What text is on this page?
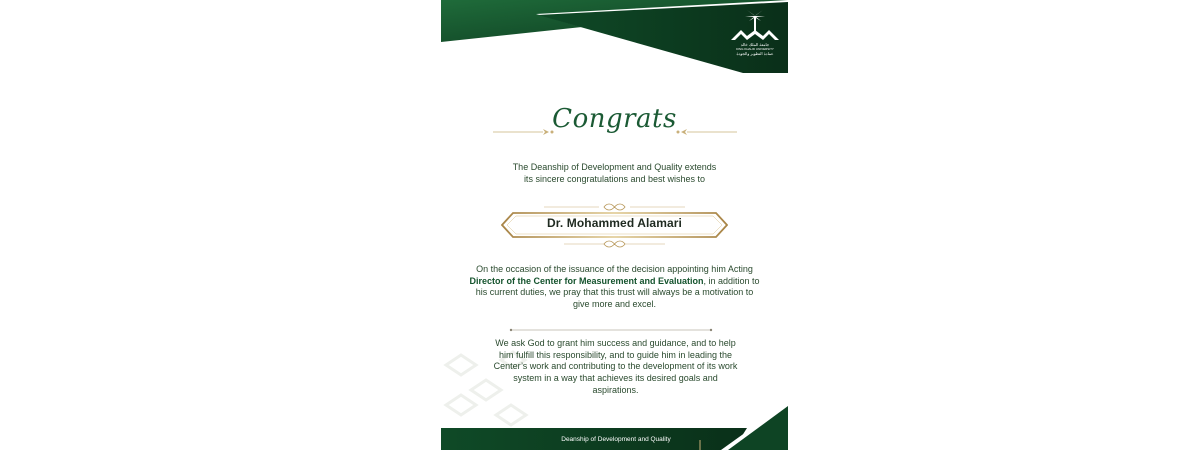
جامعة الملك خالد
KING KHALID UNIVERSITY
عمادة التطوير والجودة
Congrats
The Deanship of Development and Quality extends its sincere congratulations and best wishes to
Dr. Mohammed Alamari
On the occasion of the issuance of the decision appointing him Acting Director of the Center for Measurement and Evaluation, in addition to his current duties, we pray that this trust will always be a motivation to give more and excel.
We ask God to grant him success and guidance, and to help him fulfill this responsibility, and to guide him in leading the Center’s work and contributing to the development of its work system in a way that achieves its desired goals and aspirations.
Deanship of Development and Quality
